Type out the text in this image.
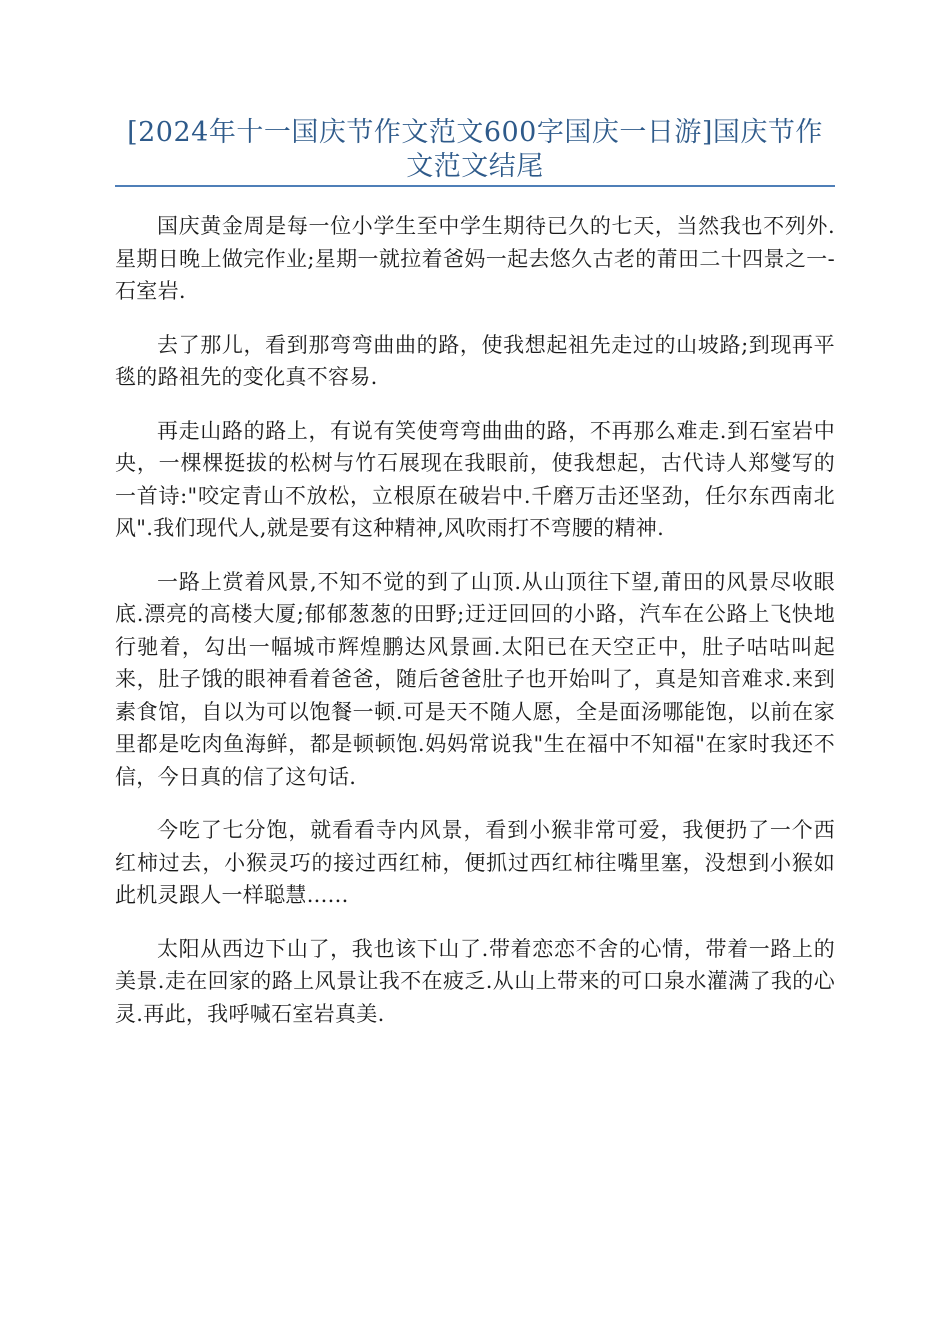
[2024年十一国庆节作文范文600字国庆一日游]国庆节作文范文结尾

国庆黄金周是每一位小学生至中学生期待已久的七天，当然我也不列外.星期日晚上做完作业;星期一就拉着爸妈一起去悠久古老的莆田二十四景之一-石室岩.

去了那儿，看到那弯弯曲曲的路，使我想起祖先走过的山坡路;到现再平毯的路祖先的变化真不容易.

再走山路的路上，有说有笑使弯弯曲曲的路，不再那么难走.到石室岩中央，一棵棵挺拔的松树与竹石展现在我眼前，使我想起，古代诗人郑燮写的一首诗:"咬定青山不放松，立根原在破岩中.千磨万击还坚劲，任尔东西南北风".我们现代人,就是要有这种精神,风吹雨打不弯腰的精神.

一路上赏着风景,不知不觉的到了山顶.从山顶往下望,莆田的风景尽收眼底.漂亮的高楼大厦;郁郁葱葱的田野;迂迂回回的小路，汽车在公路上飞快地行驰着，勾出一幅城市辉煌鹏达风景画.太阳已在天空正中，肚子咕咕叫起来，肚子饿的眼神看着爸爸，随后爸爸肚子也开始叫了，真是知音难求.来到素食馆，自以为可以饱餐一顿.可是天不随人愿，全是面汤哪能饱，以前在家里都是吃肉鱼海鲜，都是顿顿饱.妈妈常说我"生在福中不知福"在家时我还不信，今日真的信了这句话.

今吃了七分饱，就看看寺内风景，看到小猴非常可爱，我便扔了一个西红柿过去，小猴灵巧的接过西红柿，便抓过西红柿往嘴里塞，没想到小猴如此机灵跟人一样聪慧......

太阳从西边下山了，我也该下山了.带着恋恋不舍的心情，带着一路上的美景.走在回家的路上风景让我不在疲乏.从山上带来的可口泉水灌满了我的心灵.再此，我呼喊石室岩真美.
